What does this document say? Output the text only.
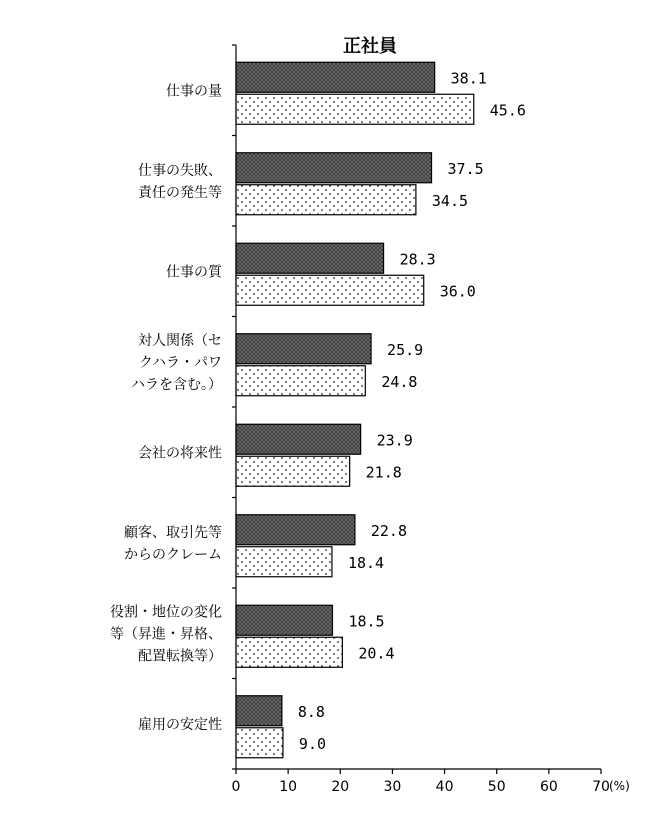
正社員
仕事の量
38.1
45.6
仕事の失敗、
責任の発生等
37.5
34.5
仕事の質
28.3
36.0
対人関係（セ
クハラ・パワ
ハラを含む。）
25.9
24.8
会社の将来性
23.9
21.8
顧客、取引先等
からのクレーム
22.8
18.4
役割・地位の変化
等（昇進・昇格、
配置転換等）
18.5
20.4
雇用の安定性
8.8
9.0
0	10 20 30 40 50 60 70 (%)
